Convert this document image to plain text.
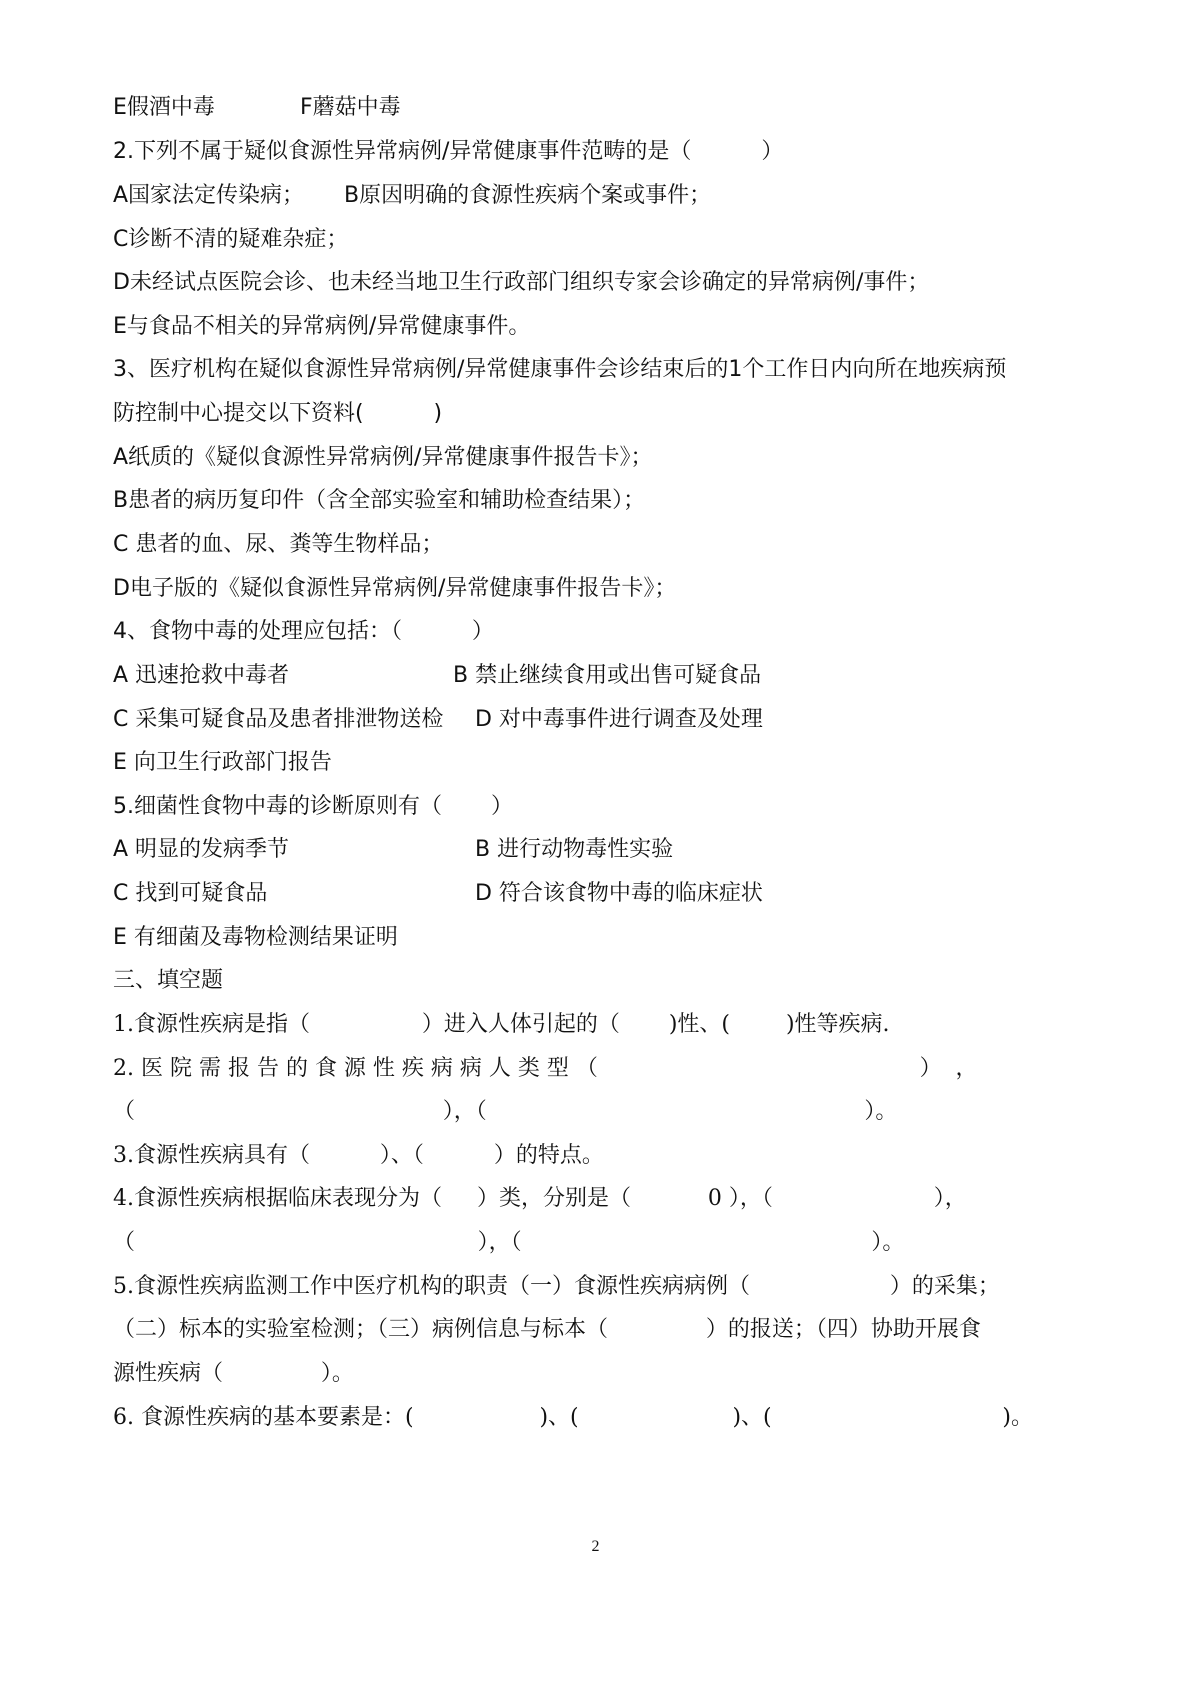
E假酒中毒

	F蘑菇中毒

2.下列不属于疑似食源性异常病例/异常健康事件范畴的是（          ）

A国家法定传染病；

B原因明确的食源性疾病个案或事件；

C诊断不清的疑难杂症；
D未经试点医院会诊、也未经当地卫生行政部门组织专家会诊确定的异常病例/事件；
E与食品不相关的异常病例/异常健康事件。
3、医疗机构在疑似食源性异常病例/异常健康事件会诊结束后的1个工作日内向所在地疾病预
防控制中心提交以下资料(          )
A纸质的《疑似食源性异常病例/异常健康事件报告卡》；
B患者的病历复印件（含全部实验室和辅助检查结果）；
C 患者的血、尿、粪等生物样品；
D电子版的《疑似食源性异常病例/异常健康事件报告卡》；
4、食物中毒的处理应包括：（          ）

A 迅速抢救中毒者

	B 禁止继续食用或出售可疑食品

C 采集可疑食品及患者排泄物送检

D 对中毒事件进行调查及处理

E 向卫生行政部门报告
5.细菌性食物中毒的诊断原则有（       ）

A 明显的发病季节

	B 进行动物毒性实验

C 找到可疑食品

	D 符合该食物中毒的临床症状

E 有细菌及毒物检测结果证明
三、填空题
1.食源性疾病是指（                ）进入人体引起的（       )性、(        )性等疾病.
2. 医 院 需 报 告 的 食 源 性 疾 病 病 人 类 型 （                                              ）  ，
（                                            ），（                                                      ）。
3.食源性疾病具有（          ）、（          ）的特点。
4.食源性疾病根据临床表现分为（     ）类，分别是（           0 ），（                       ），
（                                                 ），（                                                  ）。
5.食源性疾病监测工作中医疗机构的职责（一）食源性疾病病例（                    ）的采集；
（二）标本的实验室检测；（三）病例信息与标本（              ）的报送；（四）协助开展食
源性疾病（              ）。
6. 食源性疾病的基本要素是：(                  )、(                      )、(                                 )。
2
